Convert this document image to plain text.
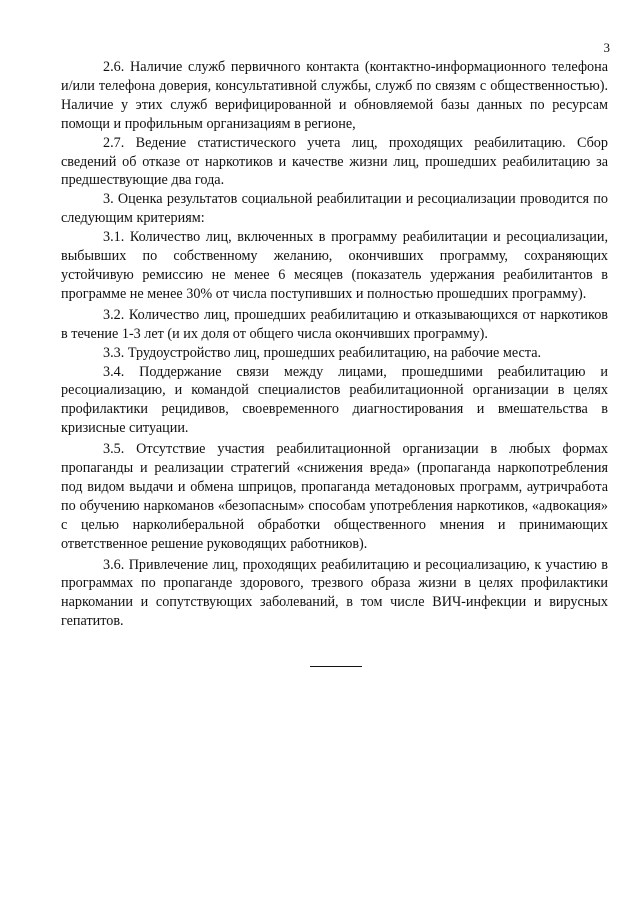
3

2.6. Наличие служб первичного контакта (контактно-информационного телефона и/или телефона доверия, консультативной службы, служб по связям с общественностью). Наличие у этих служб верифицированной и обновляемой базы данных по ресурсам помощи и профильным организациям в регионе,

2.7. Ведение статистического учета лиц, проходящих реабилитацию. Сбор сведений об отказе от наркотиков и качестве жизни лиц, прошедших реабилитацию за предшествующие два года.

3. Оценка результатов социальной реабилитации и ресоциализации проводится по следующим критериям:

3.1. Количество лиц, включенных в программу реабилитации и ресоциализации, выбывших по собственному желанию, окончивших программу, сохраняющих устойчивую ремиссию не менее 6 месяцев (показатель удержания реабилитантов в программе не менее 30% от числа поступивших и полностью прошедших программу).

3.2. Количество лиц, прошедших реабилитацию и отказывающихся от наркотиков в течение 1-3 лет (и их доля от общего числа окончивших программу).

3.3. Трудоустройство лиц, прошедших реабилитацию, на рабочие места.

3.4. Поддержание связи между лицами, прошедшими реабилитацию и ресоциализацию, и командой специалистов реабилитационной организации в целях профилактики рецидивов, своевременного диагностирования и вмешательства в кризисные ситуации.

3.5. Отсутствие участия реабилитационной организации в любых формах пропаганды и реализации стратегий «снижения вреда» (пропаганда наркопотребления под видом выдачи и обмена шприцов, пропаганда метадоновых программ, аутричработа по обучению наркоманов «безопасным» способам употребления наркотиков, «адвокация» с целью нарколиберальной обработки общественного мнения и принимающих ответственное решение руководящих работников).

3.6. Привлечение лиц, проходящих реабилитацию и ресоциализацию, к участию в программах по пропаганде здорового, трезвого образа жизни в целях профилактики наркомании и сопутствующих заболеваний, в том числе ВИЧ-инфекции и вирусных гепатитов.
